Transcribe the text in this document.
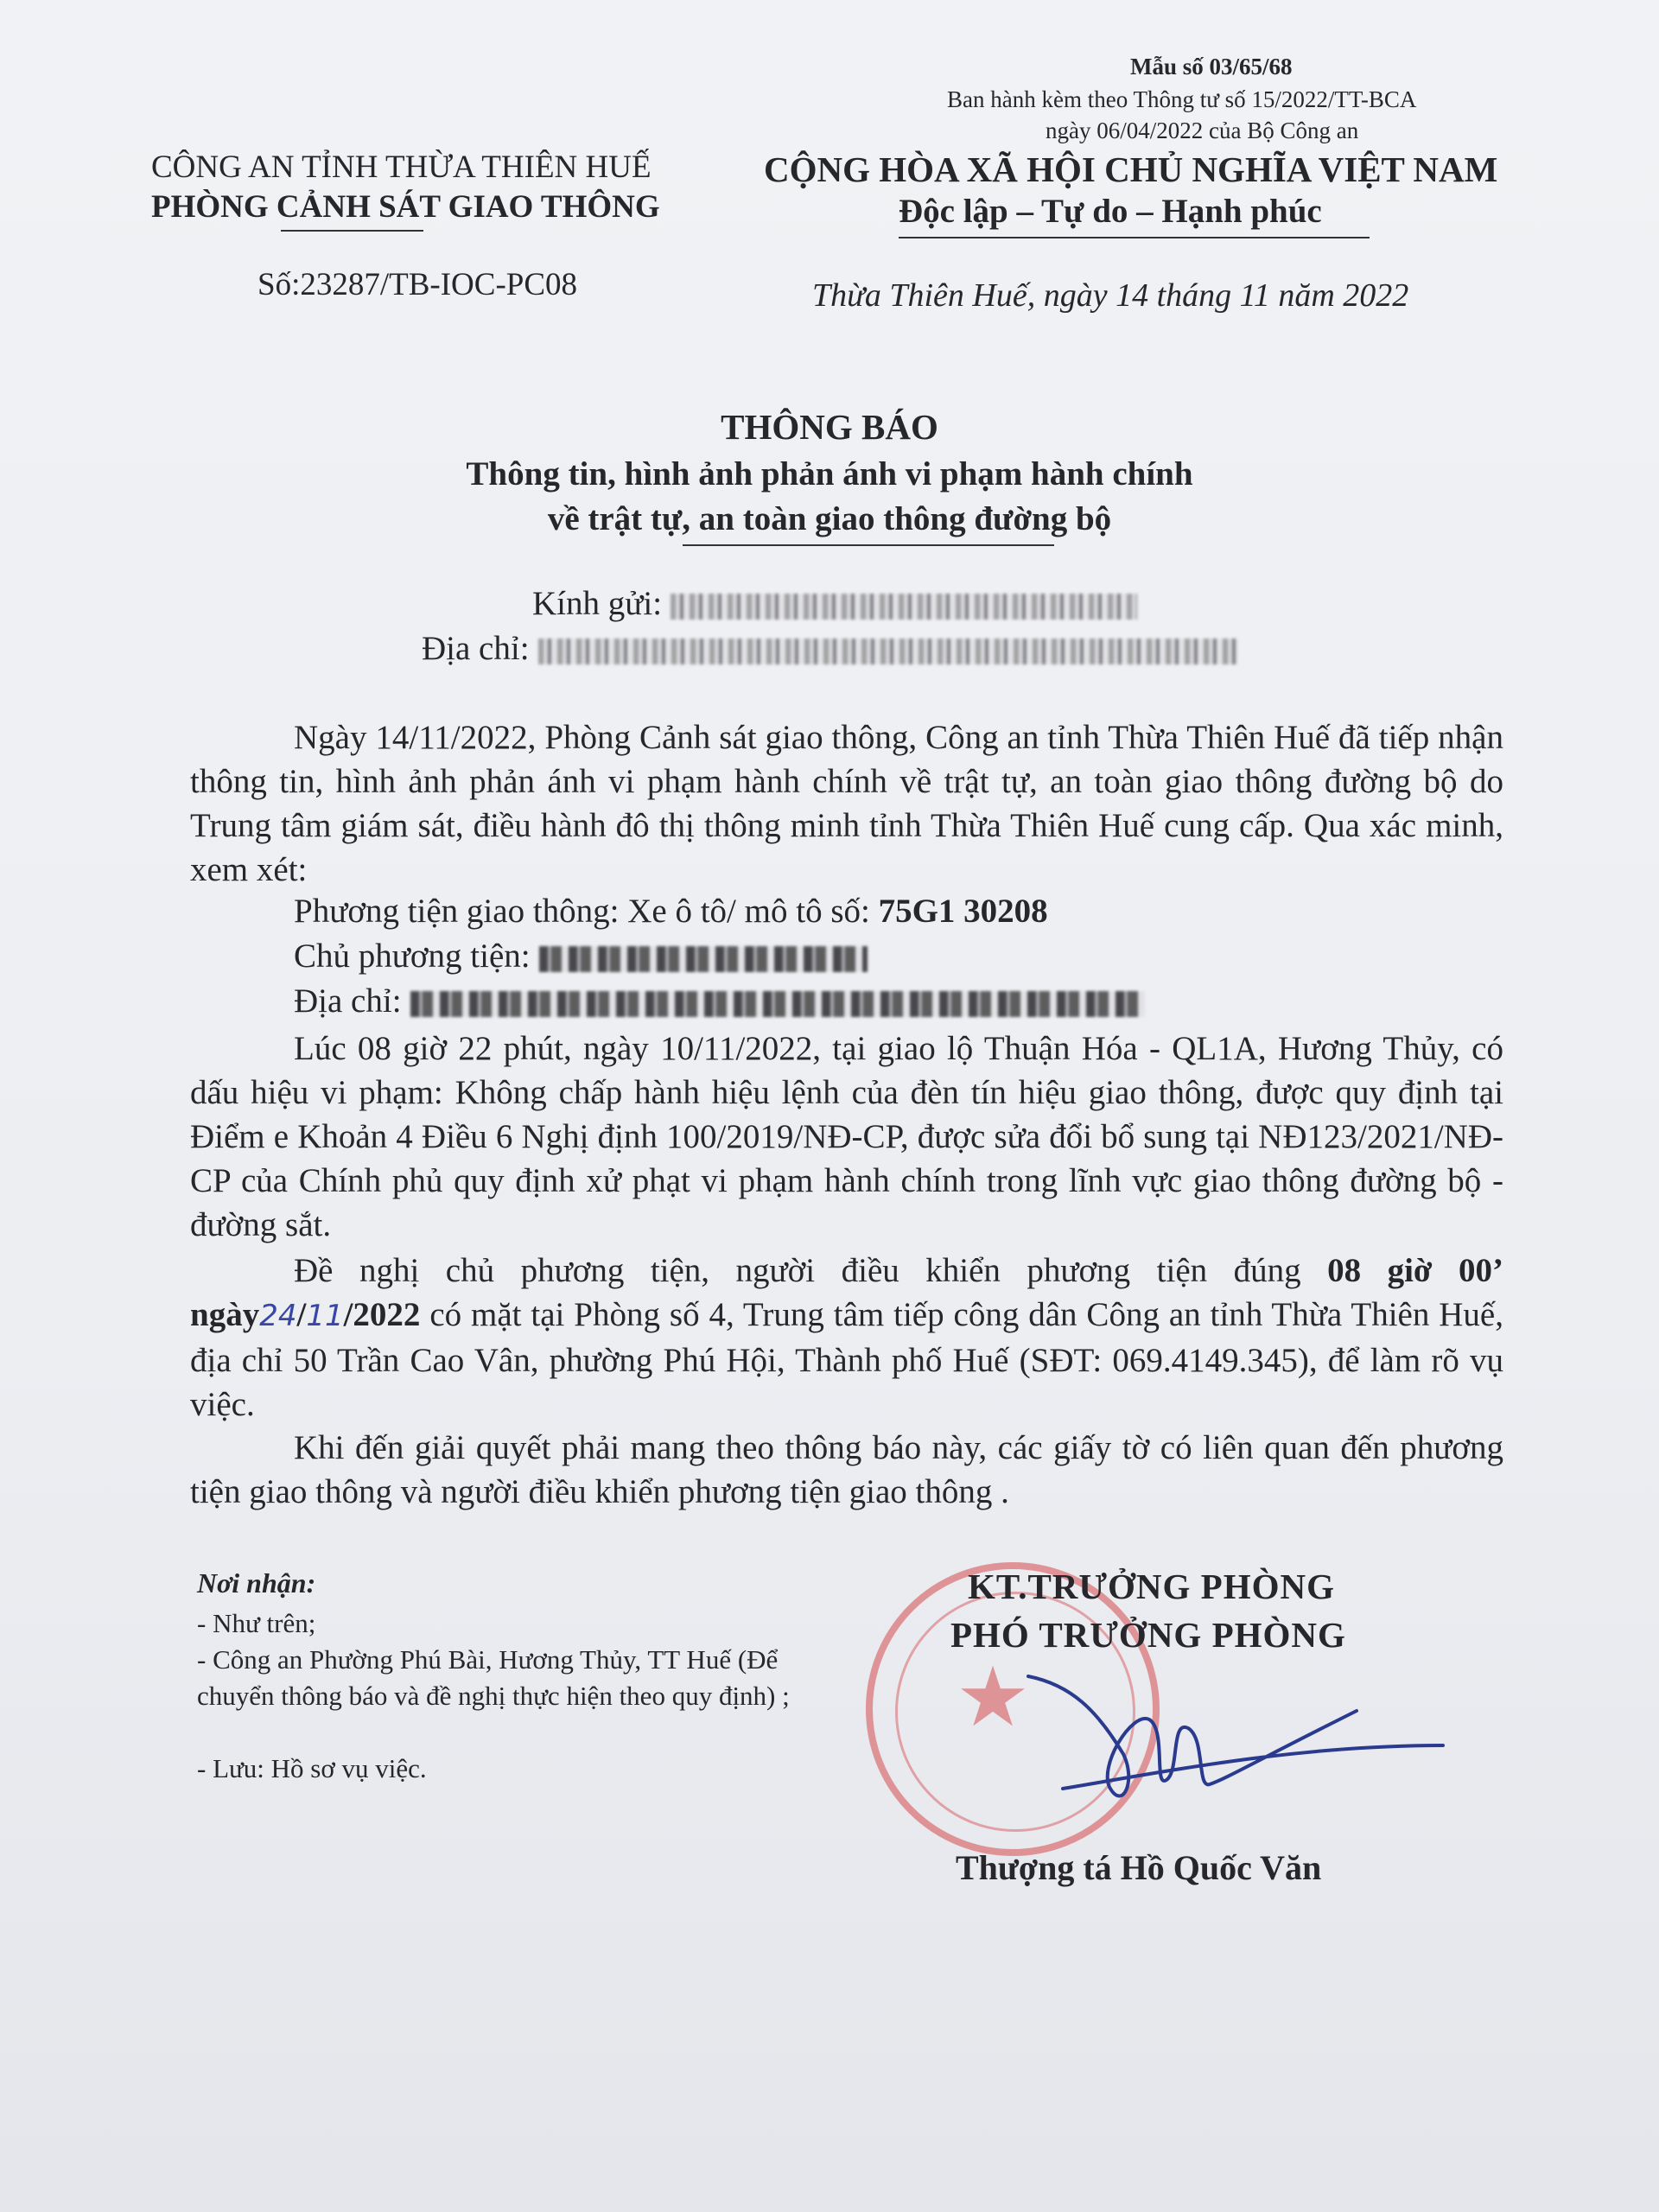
Mẫu số 03/65/68
Ban hành kèm theo Thông tư số 15/2022/TT-BCA
ngày 06/04/2022 của Bộ Công an
CÔNG AN TỈNH THỪA THIÊN HUẾ
PHÒNG CẢNH SÁT GIAO THÔNG
Số:23287/TB-IOC-PC08
CỘNG HÒA XÃ HỘI CHỦ NGHĨA VIỆT NAM
Độc lập – Tự do – Hạnh phúc
Thừa Thiên Huế, ngày 14 tháng 11 năm 2022
THÔNG BÁO
Thông tin, hình ảnh phản ánh vi phạm hành chính
về trật tự, an toàn giao thông đường bộ
Kính gửi:
Địa chỉ:
Ngày 14/11/2022, Phòng Cảnh sát giao thông, Công an tỉnh Thừa Thiên Huế đã tiếp nhận thông tin, hình ảnh phản ánh vi phạm hành chính về trật tự, an toàn giao thông đường bộ do Trung tâm giám sát, điều hành đô thị thông minh tỉnh Thừa Thiên Huế cung cấp. Qua xác minh, xem xét:
Phương tiện giao thông: Xe ô tô/ mô tô số: 75G1 30208
Chủ phương tiện:
Địa chỉ:
Lúc 08 giờ 22 phút, ngày 10/11/2022, tại giao lộ Thuận Hóa - QL1A, Hương Thủy, có dấu hiệu vi phạm: Không chấp hành hiệu lệnh của đèn tín hiệu giao thông, được quy định tại Điểm e Khoản 4 Điều 6 Nghị định 100/2019/NĐ-CP, được sửa đổi bổ sung tại NĐ123/2021/NĐ-CP của Chính phủ quy định xử phạt vi phạm hành chính trong lĩnh vực giao thông đường bộ - đường sắt.
Đề nghị chủ phương tiện, người điều khiển phương tiện đúng 08 giờ 00’ ngày24/11/2022 có mặt tại Phòng số 4, Trung tâm tiếp công dân Công an tỉnh Thừa Thiên Huế, địa chỉ 50 Trần Cao Vân, phường Phú Hội, Thành phố Huế (SĐT: 069.4149.345), để làm rõ vụ việc.
Khi đến giải quyết phải mang theo thông báo này, các giấy tờ có liên quan đến phương tiện giao thông và người điều khiển phương tiện giao thông .
Nơi nhận:
- Như trên;
- Công an Phường Phú Bài, Hương Thủy, TT Huế (Để chuyển thông báo và đề nghị thực hiện theo quy định) ;
- Lưu: Hồ sơ vụ việc.
★
KT.TRƯỞNG PHÒNG
PHÓ TRƯỞNG PHÒNG
Thượng tá Hồ Quốc Văn
